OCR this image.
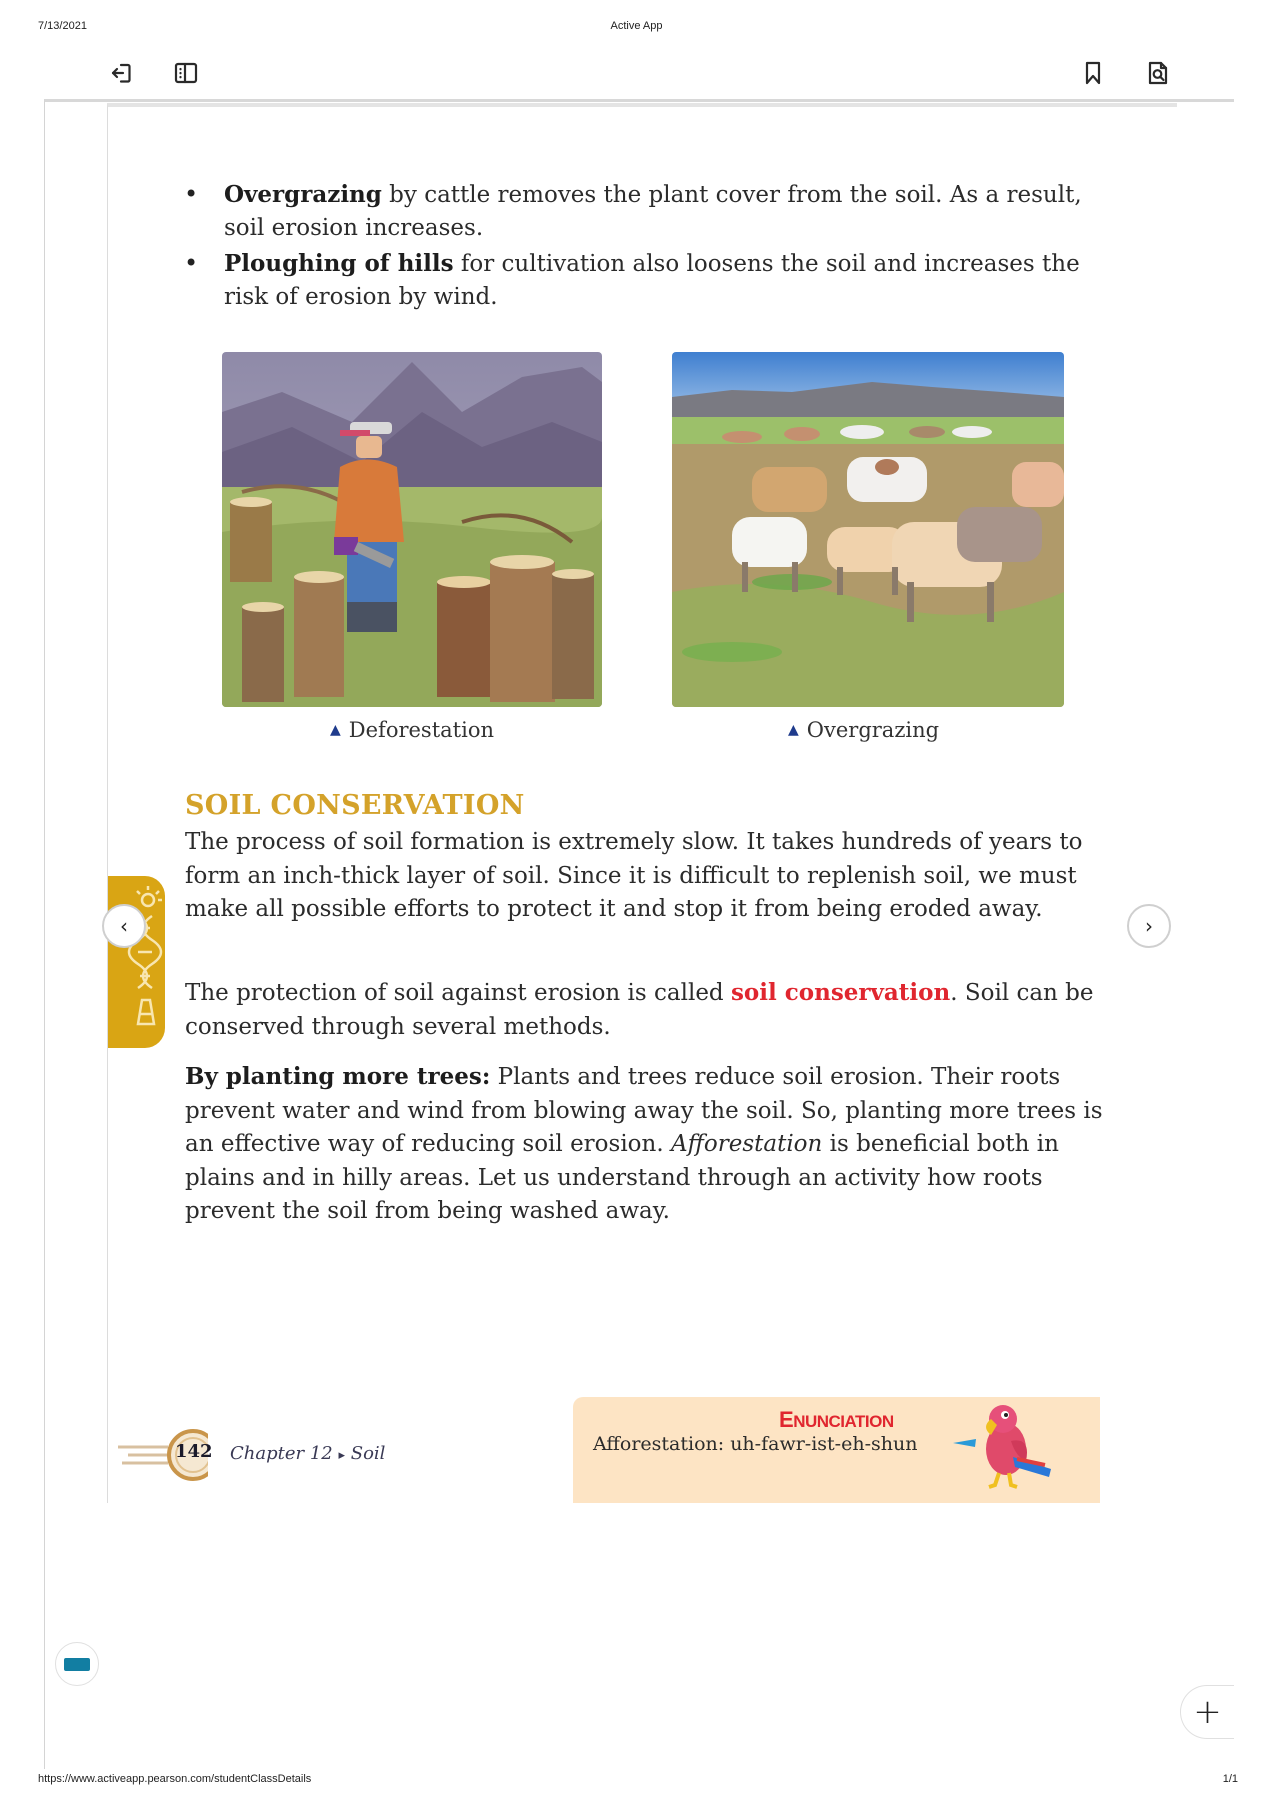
7/13/2021	Active App
• Overgrazing by cattle removes the plant cover from the soil. As a result, soil erosion increases.
• Ploughing of hills for cultivation also loosens the soil and increases the risk of erosion by wind.
▲ Deforestation	▲ Overgrazing
SOIL CONSERVATION
The process of soil formation is extremely slow. It takes hundreds of years to form an inch-thick layer of soil. Since it is difficult to replenish soil, we must make all possible efforts to protect it and stop it from being eroded away.
The protection of soil against erosion is called soil conservation. Soil can be conserved through several methods.
By planting more trees: Plants and trees reduce soil erosion. Their roots prevent water and wind from blowing away the soil. So, planting more trees is an effective way of reducing soil erosion. Afforestation is beneficial both in plains and in hilly areas. Let us understand through an activity how roots prevent the soil from being washed away.
‹	›
142 Chapter 12 ▸ Soil
ENUNCIATION
Afforestation: uh-fawr-ist-eh-shun
+
https://www.activeapp.pearson.com/studentClassDetails	1/1
